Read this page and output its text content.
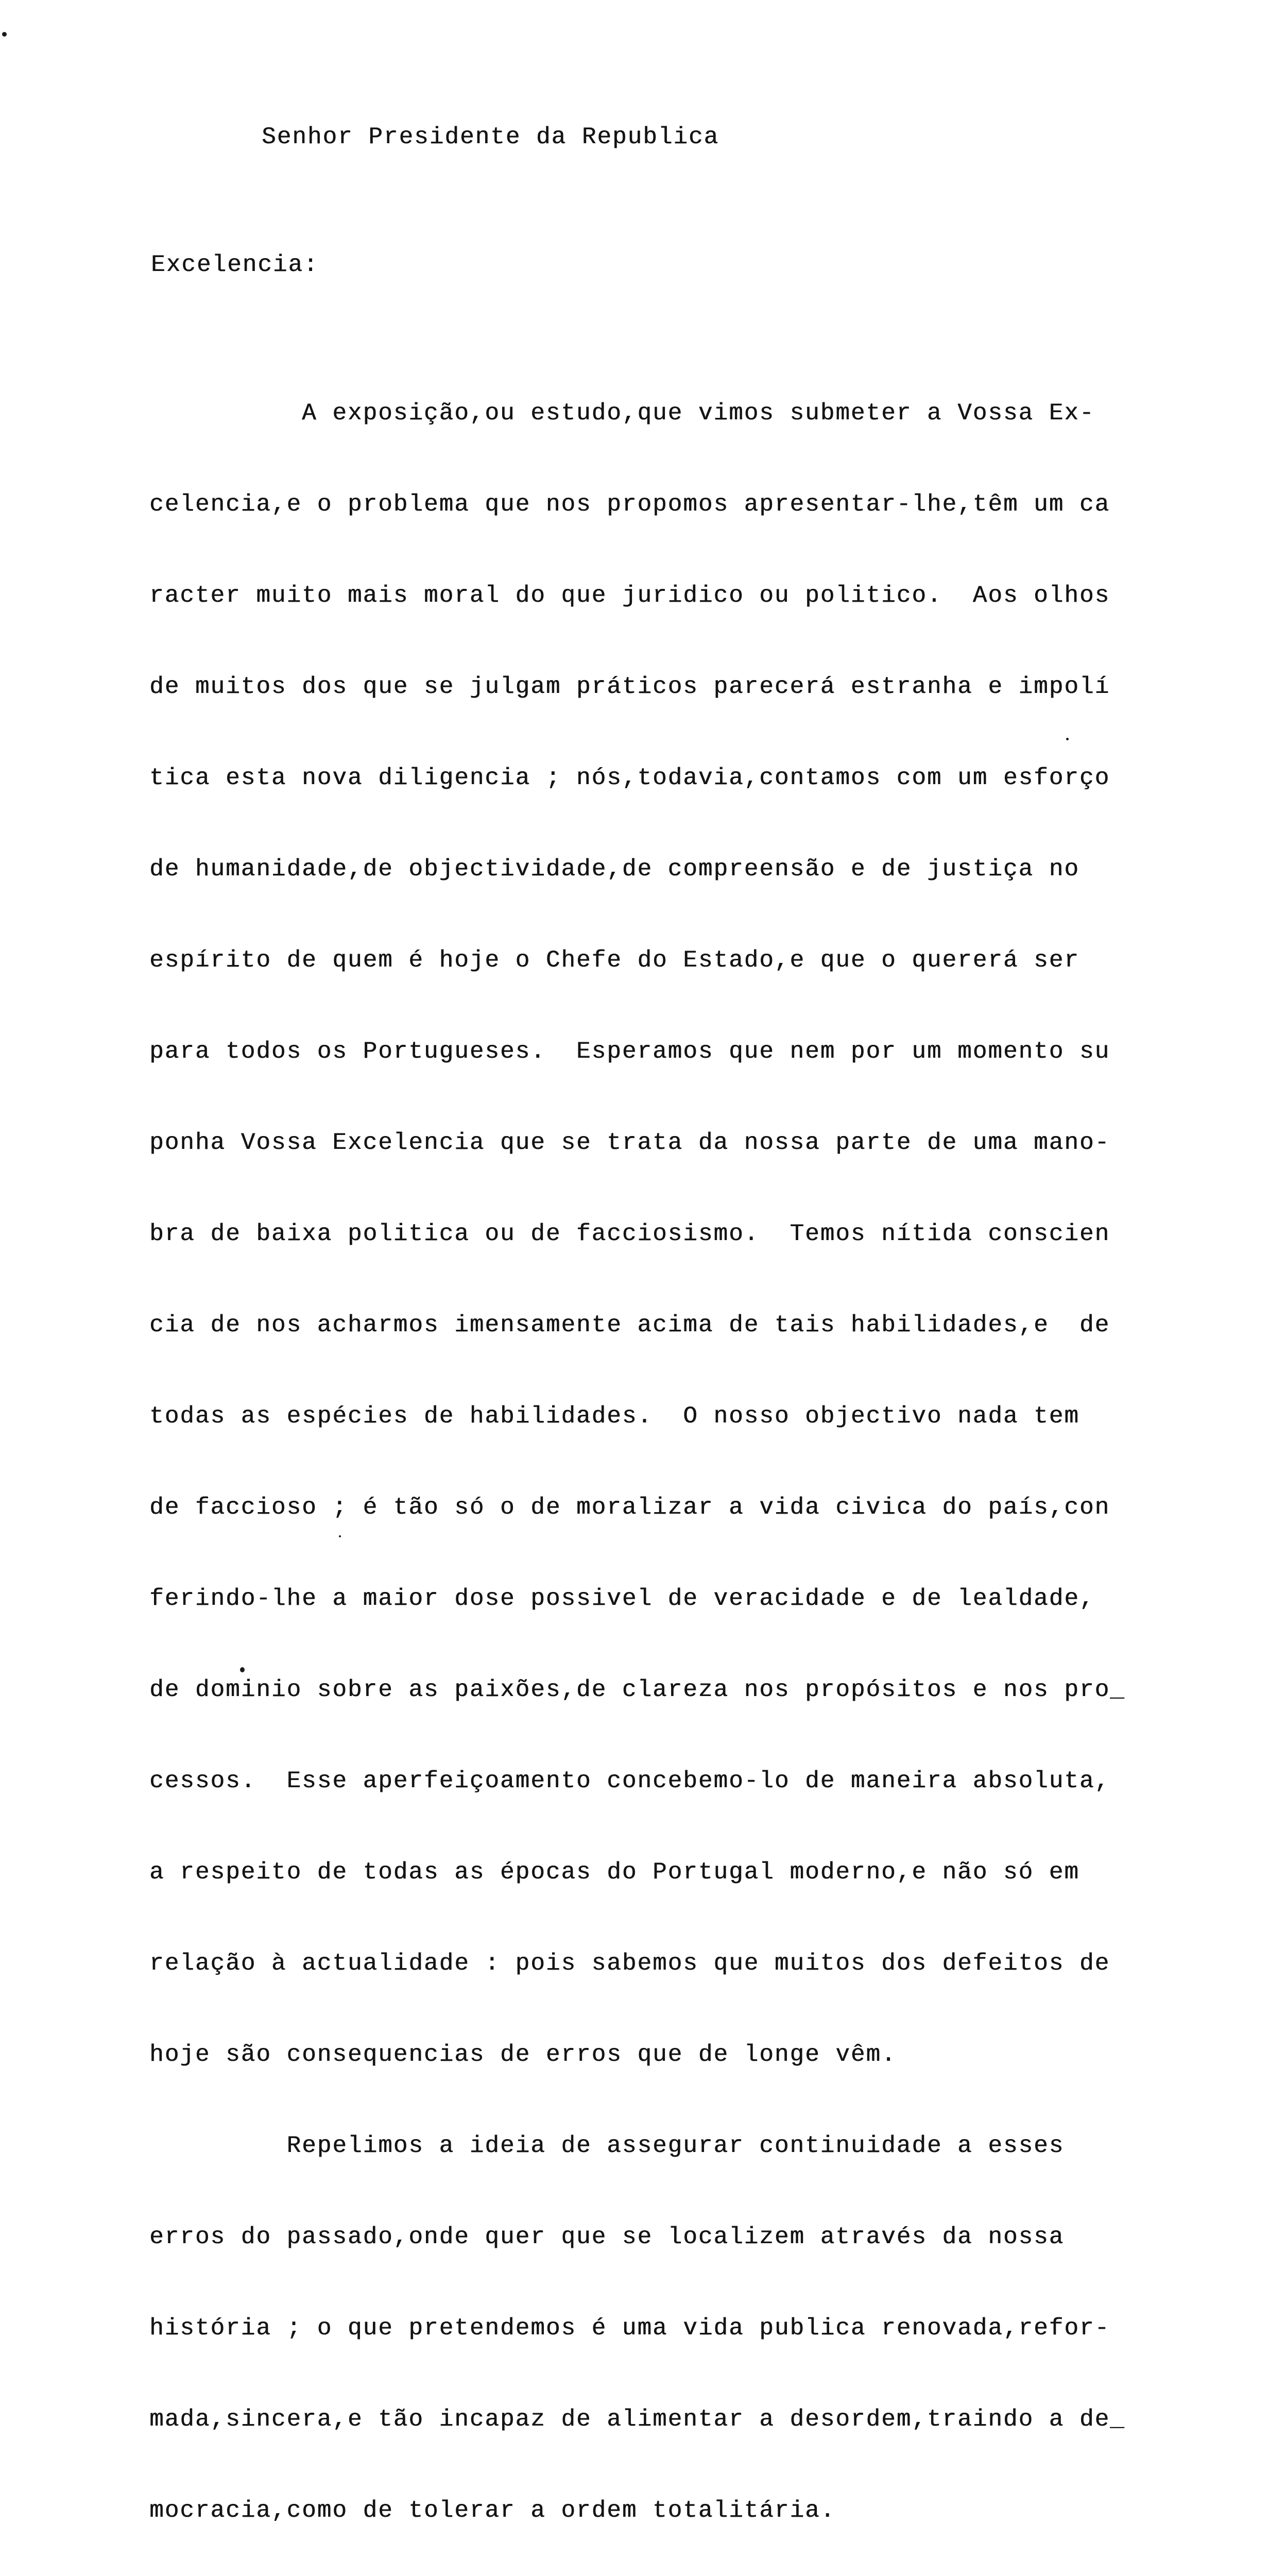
Senhor Presidente da Republica
Excelencia:

A exposição,ou estudo,que vimos submeter a Vossa Ex-

celencia,e o problema que nos propomos apresentar-lhe,têm um ca

racter muito mais moral do que juridico ou politico.  Aos olhos

de muitos dos que se julgam práticos parecerá estranha e impolí

tica esta nova diligencia ; nós,todavia,contamos com um esforço

de humanidade,de objectividade,de compreensão e de justiça no

espírito de quem é hoje o Chefe do Estado,e que o quererá ser

para todos os Portugueses.  Esperamos que nem por um momento su

ponha Vossa Excelencia que se trata da nossa parte de uma mano-

bra de baixa politica ou de facciosismo.  Temos nítida conscien

cia de nos acharmos imensamente acima de tais habilidades,e  de

todas as espécies de habilidades.  O nosso objectivo nada tem

de faccioso ; é tão só o de moralizar a vida civica do país,con

ferindo-lhe a maior dose possivel de veracidade e de lealdade,

de dominio sobre as paixões,de clareza nos propósitos e nos pro_

cessos.  Esse aperfeiçoamento concebemo-lo de maneira absoluta,

a respeito de todas as épocas do Portugal moderno,e não só em

relação à actualidade : pois sabemos que muitos dos defeitos de

hoje são consequencias de erros que de longe vêm.

Repelimos a ideia de assegurar continuidade a esses

erros do passado,onde quer que se localizem através da nossa

história ; o que pretendemos é uma vida publica renovada,refor-

mada,sincera,e tão incapaz de alimentar a desordem,traindo a de_

mocracia,como de tolerar a ordem totalitária.
